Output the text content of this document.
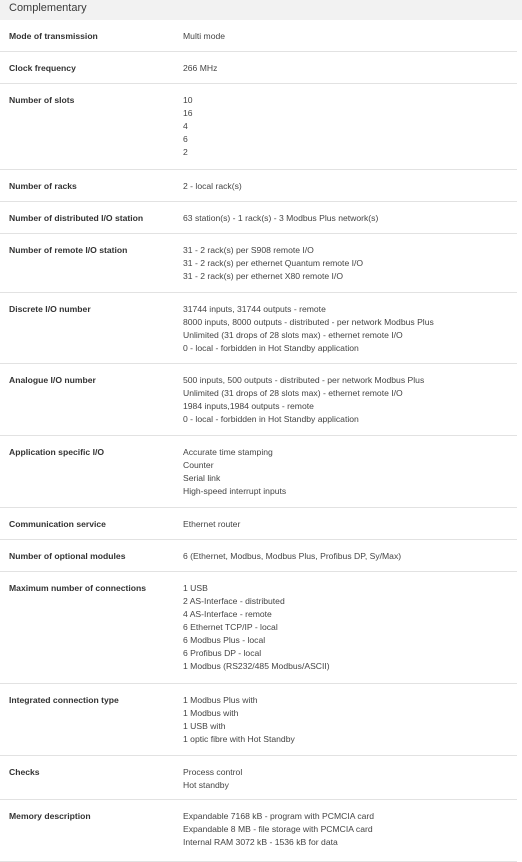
Complementary
Mode of transmission	Multi mode
Clock frequency	266 MHz
Number of slots	10
16
4
6
2
Number of racks	2 - local rack(s)
Number of distributed I/O station	63 station(s) - 1 rack(s) - 3 Modbus Plus network(s)
Number of remote I/O station	31 - 2 rack(s) per S908 remote I/O
31 - 2 rack(s) per ethernet Quantum remote I/O
31 - 2 rack(s) per ethernet X80 remote I/O
Discrete I/O number	31744 inputs, 31744 outputs - remote
8000 inputs, 8000 outputs - distributed - per network Modbus Plus
Unlimited (31 drops of 28 slots max) - ethernet remote I/O
0 - local - forbidden in Hot Standby application
Analogue I/O number	500 inputs, 500 outputs - distributed - per network Modbus Plus
Unlimited (31 drops of 28 slots max) - ethernet remote I/O
1984 inputs,1984 outputs - remote
0 - local - forbidden in Hot Standby application
Application specific I/O	Accurate time stamping
Counter
Serial link
High-speed interrupt inputs
Communication service	Ethernet router
Number of optional modules	6 (Ethernet, Modbus, Modbus Plus, Profibus DP, Sy/Max)
Maximum number of connections	1 USB
2 AS-Interface - distributed
4 AS-Interface - remote
6 Ethernet TCP/IP - local
6 Modbus Plus - local
6 Profibus DP - local
1 Modbus (RS232/485 Modbus/ASCII)
Integrated connection type	1 Modbus Plus with
1 Modbus with
1 USB with
1 optic fibre with Hot Standby
Checks	Process control
Hot standby
Memory description	Expandable 7168 kB - program with PCMCIA card
Expandable 8 MB - file storage with PCMCIA card
Internal RAM 3072 kB - 1536 kB for data
